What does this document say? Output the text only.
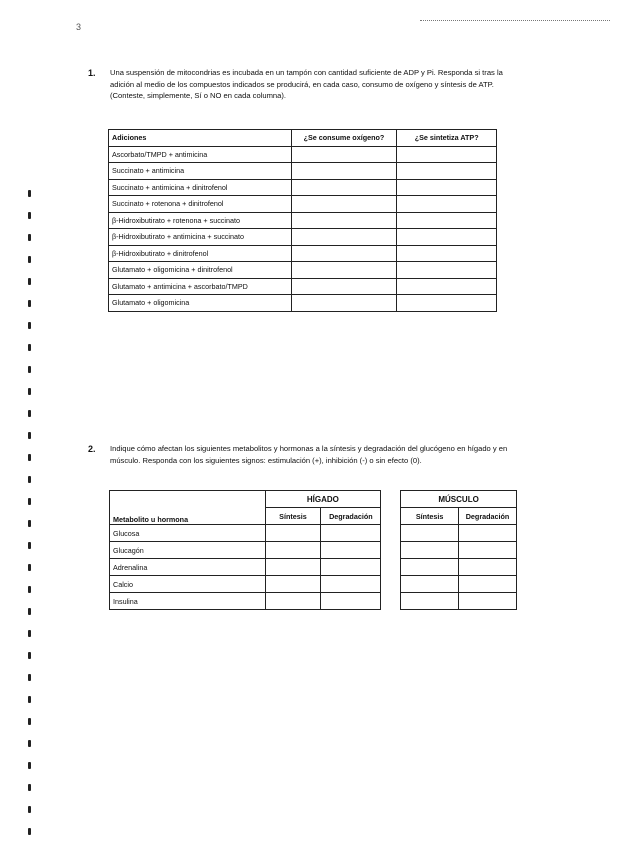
3
1. Una suspensión de mitocondrias es incubada en un tampón con cantidad suficiente de ADP y Pi. Responda si tras la
adición al medio de los compuestos indicados se producirá, en cada caso, consumo de oxígeno y síntesis de ATP.
(Conteste, simplemente, Sí o NO en cada columna).
Adiciones	¿Se consume oxígeno?	¿Se sintetiza ATP?
Ascorbato/TMPD + antimicina		
Succinato + antimicina		
Succinato + antimicina + dinitrofenol		
Succinato + rotenona + dinitrofenol		
β-Hidroxibutirato + rotenona + succinato		
β-Hidroxibutirato + antimicina + succinato		
β-Hidroxibutirato + dinitrofenol		
Glutamato + oligomicina + dinitrofenol		
Glutamato + antimicina + ascorbato/TMPD		
Glutamato + oligomicina		
2. Indique cómo afectan los siguientes metabolitos y hormonas a la síntesis y degradación del glucógeno en hígado y en
músculo. Responda con los siguientes signos: estimulación (+), inhibición (-) o sin efecto (0).
Metabolito u hormona	HÍGADO			MÚSCULO	
	Síntesis	Degradación		Síntesis	Degradación
Glucosa					
Glucagón					
Adrenalina					
Calcio					
Insulina					
